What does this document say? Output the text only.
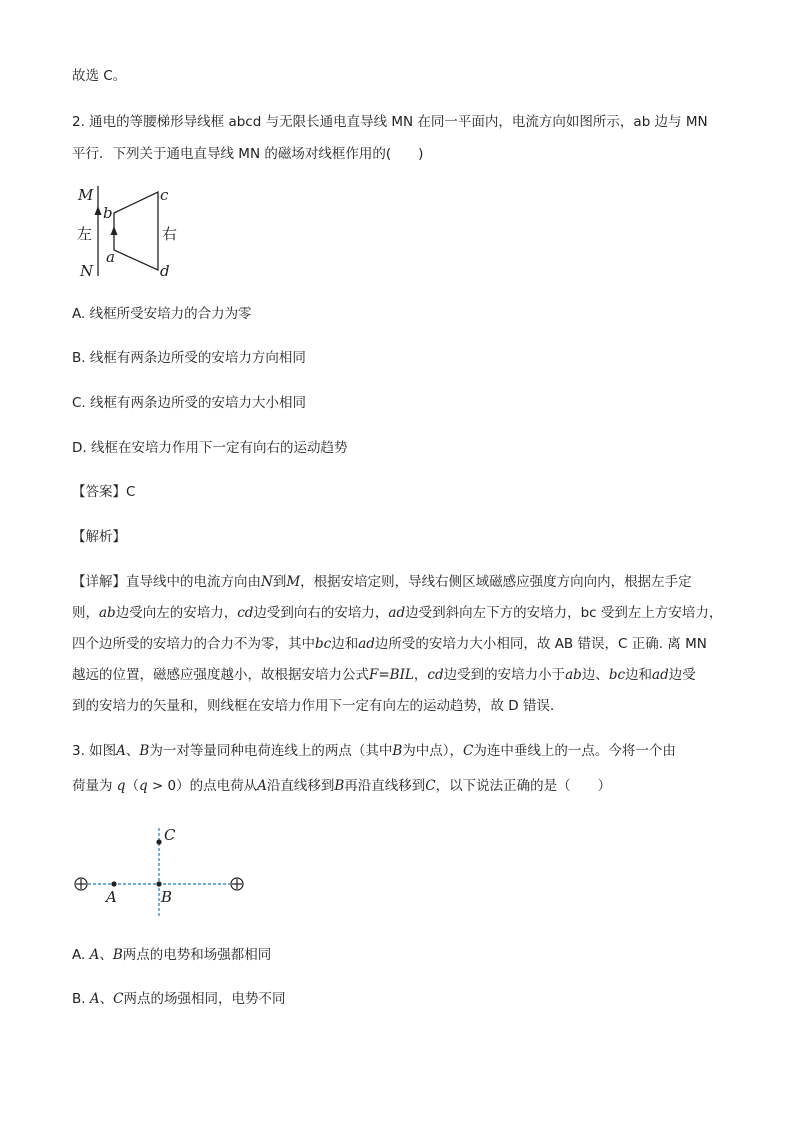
故选 C。
2. 通电的等腰梯形导线框 abcd 与无限长通电直导线 MN 在同一平面内，电流方向如图所示，ab 边与 MN
平行．下列关于通电直导线 MN 的磁场对线框作用的(　　)
M
N
b
a
c
d
左	右
A. 线框所受安培力的合力为零
B. 线框有两条边所受的安培力方向相同
C. 线框有两条边所受的安培力大小相同
D. 线框在安培力作用下一定有向右的运动趋势
【答案】C
【解析】
【详解】直导线中的电流方向由N到M，根据安培定则，导线右侧区域磁感应强度方向向内，根据左手定
则，ab边受向左的安培力，cd边受到向右的安培力，ad边受到斜向左下方的安培力，bc 受到左上方安培力，
四个边所受的安培力的合力不为零，其中bc边和ad边所受的安培力大小相同，故 AB 错误，C 正确. 离 MN
越远的位置，磁感应强度越小，故根据安培力公式F=BIL，cd边受到的安培力小于ab边、bc边和ad边受
到的安培力的矢量和，则线框在安培力作用下一定有向左的运动趋势，故 D 错误．
3. 如图A、B为一对等量同种电荷连线上的两点（其中B为中点），C为连中垂线上的一点。今将一个由
荷量为 q（q > 0）的点电荷从A沿直线移到B再沿直线移到C，以下说法正确的是（　　）
A	B
C
A. A、B两点的电势和场强都相同
B. A、C两点的场强相同，电势不同
